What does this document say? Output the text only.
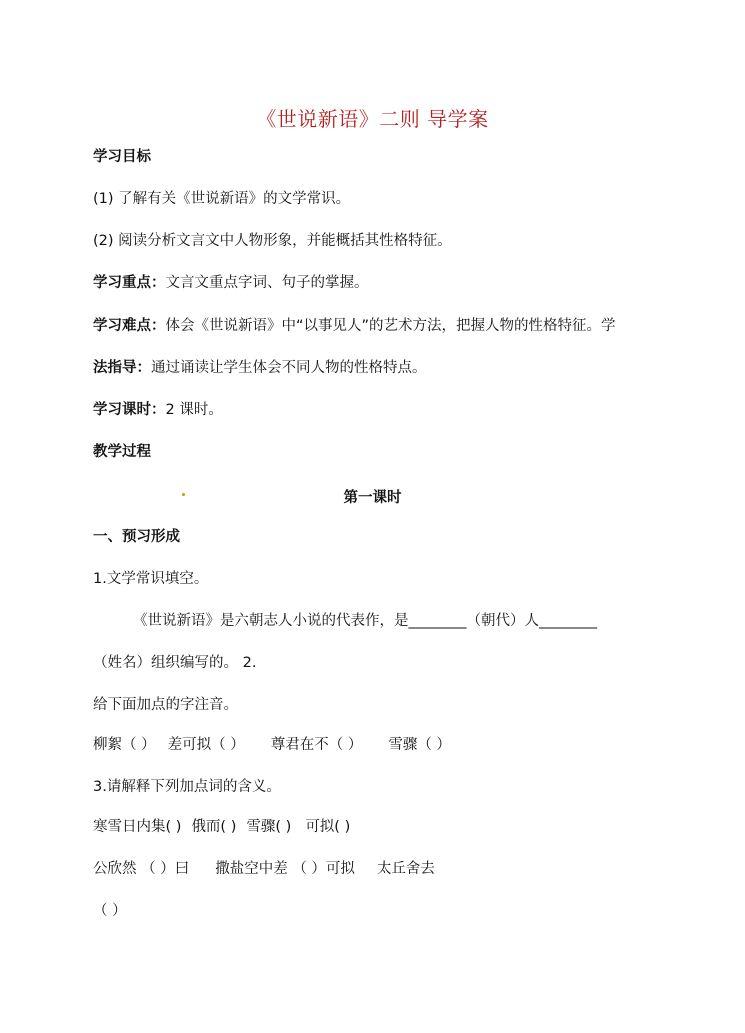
《世说新语》二则 导学案
学习目标
(1) 了解有关《世说新语》的文学常识。
(2) 阅读分析文言文中人物形象，并能概括其性格特征。
学习重点：文言文重点字词、句子的掌握。
学习难点：体会《世说新语》中“以事见人”的艺术方法，把握人物的性格特征。学
法指导：通过诵读让学生体会不同人物的性格特点。
学习课时：2 课时。
教学过程
第一课时
一、预习形成
1.文学常识填空。
《世说新语》是六朝志人小说的代表作，是________（朝代）人________
（姓名）组织编写的。 2.
给下面加点的字注音。
柳絮（ ） 差可拟（ ） 尊君在不（ ） 雪骤（ ）
3.请解释下列加点词的含义。
寒雪日内集( ) 俄而( ) 雪骤( ) 可拟( )
公欣然 （ ）曰 撒盐空中差 （ ）可拟 太丘舍去
（ ）
